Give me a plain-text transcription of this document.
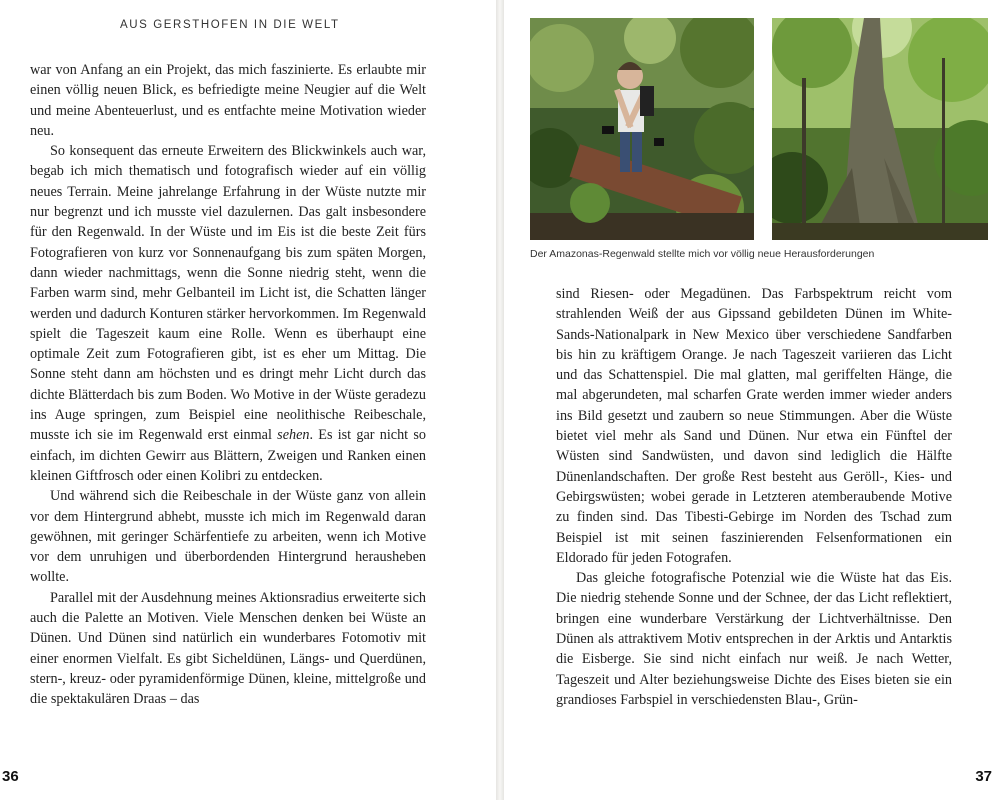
AUS GERSTHOFEN IN DIE WELT

war von Anfang an ein Projekt, das mich faszinierte. Es erlaubte mir einen völlig neuen Blick, es befriedigte meine Neugier auf die Welt und meine Abenteuerlust, und es entfachte meine Motivation wieder neu.

So konsequent das erneute Erweitern des Blickwinkels auch war, begab ich mich thematisch und fotografisch wieder auf ein völlig neues Terrain. Meine jahrelange Erfahrung in der Wüste nutzte mir nur begrenzt und ich musste viel dazulernen. Das galt insbesondere für den Regenwald. In der Wüste und im Eis ist die beste Zeit fürs Fotografieren von kurz vor Sonnenaufgang bis zum späten Morgen, dann wieder nachmittags, wenn die Sonne niedrig steht, wenn die Farben warm sind, mehr Gelbanteil im Licht ist, die Schatten länger werden und dadurch Konturen stärker hervorkommen. Im Regenwald spielt die Tageszeit kaum eine Rolle. Wenn es überhaupt eine optimale Zeit zum Fotografieren gibt, ist es eher um Mittag. Die Sonne steht dann am höchsten und es dringt mehr Licht durch das dichte Blätterdach bis zum Boden. Wo Motive in der Wüste geradezu ins Auge springen, zum Beispiel eine neolithische Reibeschale, musste ich sie im Regenwald erst einmal sehen. Es ist gar nicht so einfach, im dichten Gewirr aus Blättern, Zweigen und Ranken einen kleinen Giftfrosch oder einen Kolibri zu entdecken.

Und während sich die Reibeschale in der Wüste ganz von allein vor dem Hintergrund abhebt, musste ich mich im Regenwald daran gewöhnen, mit geringer Schärfentiefe zu arbeiten, wenn ich Motive vor dem unruhigen und überbordenden Hintergrund herausheben wollte.

Parallel mit der Ausdehnung meines Aktionsradius erweiterte sich auch die Palette an Motiven. Viele Menschen denken bei Wüste an Dünen. Und Dünen sind natürlich ein wunderbares Fotomotiv mit einer enormen Vielfalt. Es gibt Sicheldünen, Längs- und Querdünen, stern-, kreuz- oder pyramidenförmige Dünen, kleine, mittelgroße und die spektakulären Draas – das

36
Der Amazonas-Regenwald stellte mich vor völlig neue Herausforderungen

sind Riesen- oder Megadünen. Das Farbspektrum reicht vom strahlenden Weiß der aus Gipssand gebildeten Dünen im White-Sands-Nationalpark in New Mexico über verschiedene Sandfarben bis hin zu kräftigem Orange. Je nach Tageszeit variieren das Licht und das Schattenspiel. Die mal glatten, mal geriffelten Hänge, die mal abgerundeten, mal scharfen Grate werden immer wieder anders ins Bild gesetzt und zaubern so neue Stimmungen. Aber die Wüste bietet viel mehr als Sand und Dünen. Nur etwa ein Fünftel der Wüsten sind Sandwüsten, und davon sind lediglich die Hälfte Dünenlandschaften. Der große Rest besteht aus Geröll-, Kies- und Gebirgswüsten; wobei gerade in Letzteren atemberaubende Motive zu finden sind. Das Tibesti-Gebirge im Norden des Tschad zum Beispiel ist mit seinen faszinierenden Felsenformationen ein Eldorado für jeden Fotografen.

Das gleiche fotografische Potenzial wie die Wüste hat das Eis. Die niedrig stehende Sonne und der Schnee, der das Licht reflektiert, bringen eine wunderbare Verstärkung der Lichtverhältnisse. Den Dünen als attraktivem Motiv entsprechen in der Arktis und Antarktis die Eisberge. Sie sind nicht einfach nur weiß. Je nach Wetter, Tageszeit und Alter beziehungsweise Dichte des Eises bieten sie ein grandioses Farbspiel in verschiedensten Blau-, Grün-

37
